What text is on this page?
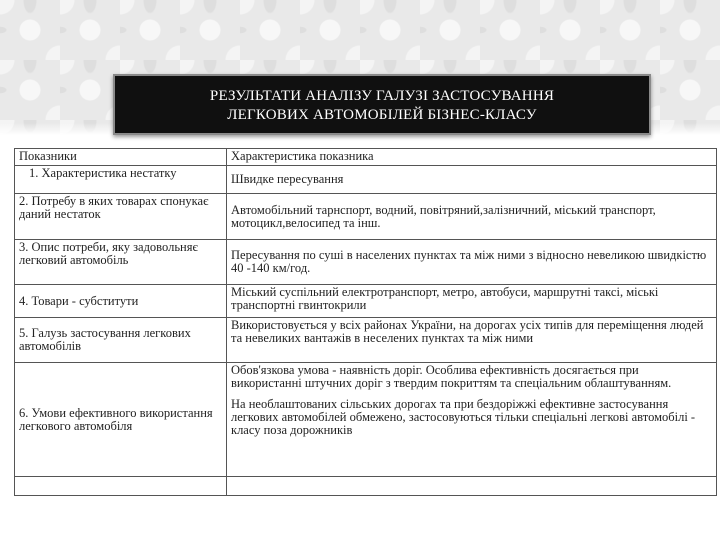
РЕЗУЛЬТАТИ АНАЛІЗУ ГАЛУЗІ ЗАСТОСУВАННЯ
ЛЕГКОВИХ АВТОМОБІЛЕЙ БІЗНЕС-КЛАСУ
Показники	Характеристика показника
1. Характеристика нестатку	Швидке пересування
2. Потребу в яких товарах спонукає даний нестаток	Автомобільний тарнспорт, водний, повітряний,залізничний, міський транспорт, мотоцикл,велосипед та інш.
3. Опис потреби, яку задовольняє легковий автомобіль	Пересування по суші в населених пунктах та між ними з відносно невеликою швидкістю 40 -140 км/год.
4. Товари - субститути	Міський суспільний електротранспорт, метро, автобуси, маршрутні таксі, міські транспортні гвинтокрили
5. Галузь застосування легкових автомобілів	Використовується у всіх районах України, на дорогах усіх типів для переміщення людей та невеликих вантажів в неселених пунктах та між ними
6. Умови ефективного використання легкового автомобіля	Обов'язкова умова - наявність доріг. Особлива ефективність досягається при використанні штучних доріг з твердим покриттям та спеціальним облаштуванням.
На необлаштованих сільських дорогах та при бездоріжжі ефективне застосування легкових автомобілей обмежено, застосовуються тільки спеціальні легкові автомобілі - класу поза дорожників
